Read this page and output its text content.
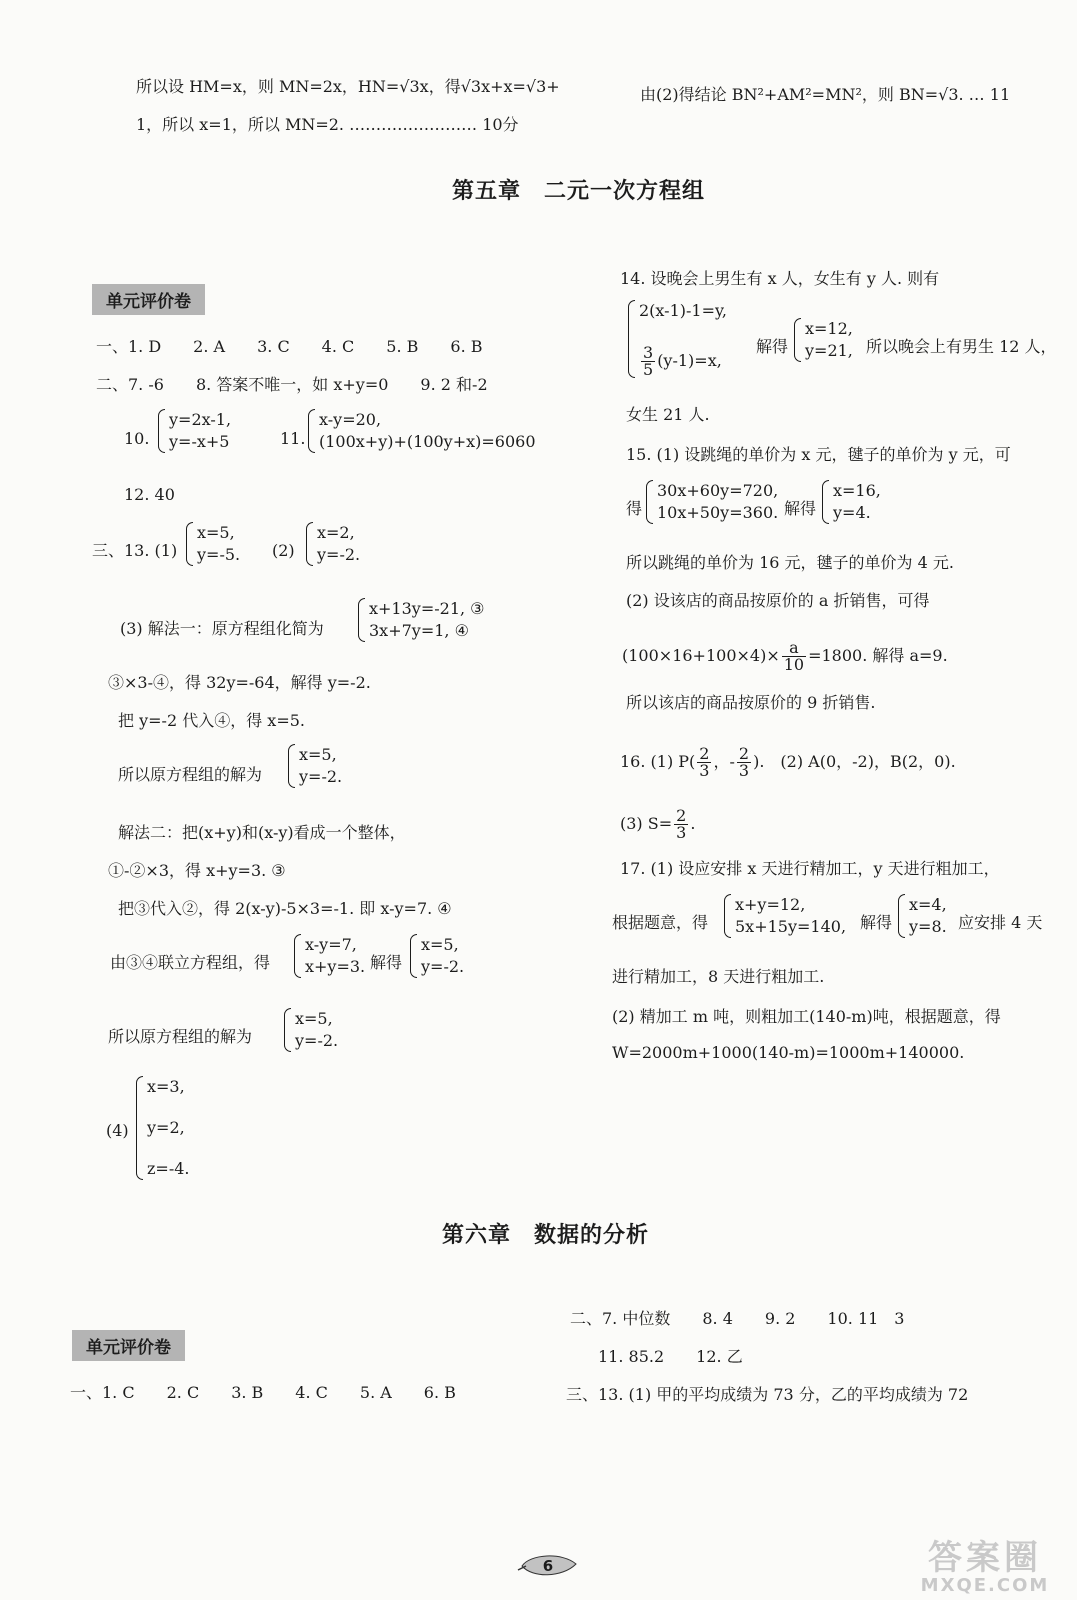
所以设 HM=x，则 MN=2x，HN=√3x，得√3x+x=√3+
1，所以 x=1，所以 MN=2. …………………… 10分
由(2)得结论 BN²+AM²=MN²，则 BN=√3. … 11
第五章　二元一次方程组
单元评价卷
一、1. D　　2. A　　3. C　　4. C　　5. B　　6. B
二、7. -6　　8. 答案不唯一，如 x+y=0　　9. 2 和-2
10.
y=2x-1,
y=-x+5	11.
x-y=20,
(100x+y)+(100y+x)=6060
12. 40
三、13. (1)
x=5,
y=-5. (2)
x=2,
y=-2.
(3) 解法一：原方程组化简为
x+13y=-21, ③
3x+7y=1, ④
③×3-④，得 32y=-64，解得 y=-2.
把 y=-2 代入④，得 x=5.
所以原方程组的解为
x=5,
y=-2.
解法二：把(x+y)和(x-y)看成一个整体，
①-②×3，得 x+y=3. ③
把③代入②，得 2(x-y)-5×3=-1. 即 x-y=7. ④
由③④联立方程组，得
x-y=7,
x+y=3. 解得
x=5,
y=-2.
所以原方程组的解为
x=5,
y=-2.
(4)
x=3,
y=2,
z=-4.
14. 设晚会上男生有 x 人，女生有 y 人. 则有
2(x-1)-1=y,
$\frac{3}{5} (y-1)=x$,
解得
x=12,
y=21, 所以晚会上有男生 12 人，
女生 21 人.
15. (1) 设跳绳的单价为 x 元，毽子的单价为 y 元，可
得
30x+60y=720,
10x+50y=360. 解得
x=16,
y=4.
所以跳绳的单价为 16 元，毽子的单价为 4 元.
(2) 设该店的商品按原价的 a 折销售，可得
$(100\times 16+100\times 4)\times \frac{a}{10} =1800$. 解得 a=9.
所以该店的商品按原价的 9 折销售.
16. (1) $P( \frac{2}{3}$ ，- $\frac{2}{3}$ ).　(2) A(0，-2)，B(2，0).
(3) $S= \frac{2}{3}$ .
17. (1) 设应安排 x 天进行精加工，y 天进行粗加工，
根据题意，得
x+y=12,
5x+15y=140, 解得
x=4,
y=8. 应安排 4 天
进行精加工，8 天进行粗加工.
(2) 精加工 m 吨，则粗加工(140-m)吨，根据题意，得
W=2000m+1000(140-m)=1000m+140000.
第六章　数据的分析
单元评价卷
一、1. C　　2. C　　3. B　　4. C　　5. A　　6. B
二、7. 中位数　　8. 4　　9. 2　　10. 11　3
11. 85.2　　12. 乙
三、13. (1) 甲的平均成绩为 73 分，乙的平均成绩为 72
6	答案圈
MXQE.COM
